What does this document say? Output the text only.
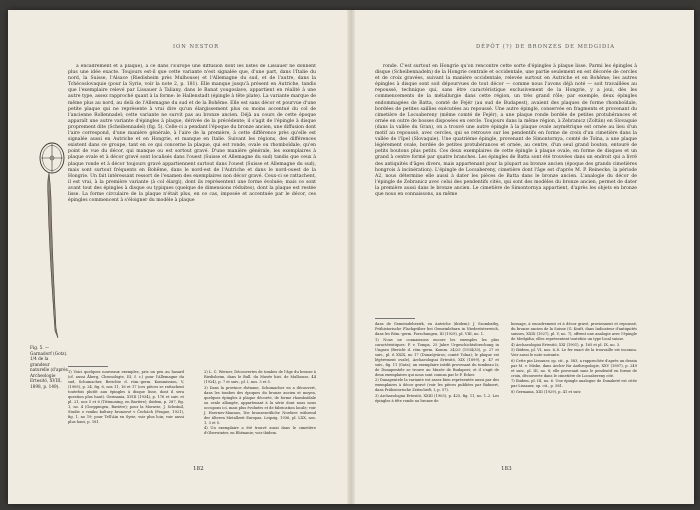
ION NESTOR

à encadrement et à plaque), à ce dans l'Europe une diffusion dont les listes de Lissauer ne donnent plus une idée exacte. Toujours est-il que cette variante n'est signalée que, d'une part, dans l'Italie du nord, la Suisse, l'Alsace (Riedisheim près Mulhouse) et l'Allemagne du sud, et de l'autre, dans la Tchécoslovaquie (pour la Syrie, voir la note 2, p. 181). Elle manque jusqu'à présent en Autriche, tandis que l'exemplaire relevé par Lissauer à Taliany, dans le Banat yougoslave, appartient en réalité à une autre type, assez rapproché quant à la forme: le Hallenstadt (épingle à tête plate). La variante marque de même plus au nord, au delà de l'Allemagne du sud et de la Bohême. Elle est sans décor et pourvue d'une petite plaque qui ne représente à vrai dire qu'un élargissement plus ou moins accentué du col de l'ancienne Rollennadel; cette variante ne survit pas au bronze ancien. Déjà au cours de cette époque apparaît une autre variante d'épingles à plaque, dérivée de la précédente; il s'agit de l'épingle à disque proprement dite (Scheibennadel) (fig. 5). Celle-ci a pendant l'époque du bronze ancien, une diffusion dont l'aire correspond, d'une manière générale, à l'aire de la première, à cette différence près qu'elle est signalée aussi en Autriche et en Hongrie, et manque en Italie. Suivant les régions, des différences existent dans ce groupe, tant en ce qui concerne la plaque, qui est ronde, ovale ou rhomboïdale, qu'en point de vue du décor, qui manque ou est sortout gravé. D'une manière générale, les exemplaires à plaque ovale et à décor gravé sont localisés dans l'ouest (Suisse et Allemagne du sud) tandis que ceux à plaque ronde et à décor toujours gravé appartiennent surtout dans l'ouest (Suisse et Allemagne du sud), mais sont surtout fréquents en Bohême, dans le nord-est de l'Autriche et dans le nord-ouest de la Hongrie. Un fait intéressant ressort de l'examen des exemplaires non décor gravé. Ceux-ci se rattachent, il est vrai, à la première variante (à col élargi), dont ils représentent une forme évoluée; mais ce sont avant tout des épingles à disque ou typiques (quelque de dimensions réduites), dont la plaque est restée lisse. La forme circulaire de la plaque n'était plus, en ce cas, imposée et accentuée par le décor, ces épingles commencent à s'éloigner du modèle à plaque

Fig. 5. — Garnadorf (Gotz). 1/4 de la grandeur naturelle (d'après Archeologie Ertesitö, XVIII, 1898, p. 149).

1) Voici quelques nouveaux exemples, pris un peu au hasard (cf. aussi Åberg, Chronologie, III, f. c.) pour l'Allemagne du sud, Schumacher, Berichte d. röm.-germ. Kommission, V, (1909), p. 24, fig. 6, nos 11, 16 et 17 (ces pièces se rattachent toutefois plutôt aux épingles à disque lisse, dont il sera question plus haut). Germania, XVIII (1934), p. 176 et suiv. et pl. 21, nos 5 et 6 (Tittmoning, en Bavière); ibidem, p. 287, fig. 1, no. 4 (Goeppingen, Bavière); pour la Moravie, J. Schránil, Studie o vzniku kultury bronzové v Čechách (Prague, 1921), fig. 1, no 19; pour Tell'Ain en Syrie, voir plus loin; voir aussi plus haut, p. 181.

2) L. C. Werner, Découvertes de tombes de l'âge du bronze à Riedisheim, dans le Bull. du Musée hist. de Mulhouse, 44 (1924), p. 7 et suiv., pl. I, nos. 3 et 5.

3) Dans la province rhénane, Schumacher en a découvert, dans les tombes des époques du bronze ancien et moyen, quelques épingles à plaque décorée, de forme rhomboïdale ou ovale allongée, appartenant à la série dont nous nous occupons ici, mais plus évoluées et de fabrication locale; voir J. Hoernes-Mannus, Die bronzezeitliche Nordsee während der älteren Metallzeit Europas, Leipzig, 1936, pl. LXX, nos. 1, 3 et 5.

4) Un exemplaire a été trouvé aussi dans le cimetière d'Oberwinter, en Rhénanie; voir ibidem.

182
DÉPÔT (?) DE BRONZES DE MEDGIDIA

ronde. C'est surtout en Hongrie qu'on rencontre cette sorte d'épingles à plaque lisse. Parmi les épingles à disque (Scheibennadeln) de la Hongrie centrale et occidentale, une partie seulement en est décorée de cercles et de croix gravées, suivant la manière occidentale, relevée surtout en Autriche et en Bohême; les autres épingles à disque sont soit dépourvues de tout décor — comme nous l'avons déjà noté — soit travaillées au repoussé, technique qui, sans être caractéristique exclusivement de la Hongrie, y a joui, dès les commencements de la métallurgie dans cette région, un très grand rôle; par exemple, deux épingles endommagées de Batta, comté de Fejér (au sud de Budapest), avaient des plaques de forme rhomboïdale, bordées de petites saillies exécutées au repoussé. Une autre épingle, conservée en fragments et provenant du cimetière de Locsabereny (même comté de Fejér), a une plaque ronde bordée de petites protubérances et ornée en outre de bosses disposées en cercle. Toujours dans la même région, à Zebranicz (Zoltán) en Slovaquie (dans la vallée du Gran), on a trouvé une autre épingle à la plaque ovale asymétrique est ornée au lieu d'un motif au repoussé, avec cercles, qui se retrouve sur les pendentifs en forme de croix d'un cimetière dans la vallée de l'Ipel (Slovaquie). Une quatrième épingle, provenant de Simontornya, comté de Tolna, a une plaque légèrement ovale, bordée de petites protubérances et ornée, au centre, d'un seul grand bouton, entouré de petits boutons plus petits. Ces deux exemplaires de cette épingle à plaque ovale, en forme de disques et un grand à centre formé par quatre branches. Les épingles de Batta sont été trouvées dans un endroit qui a livré des antiquités d'âges divers, mais appartenant pour la plupart au bronze ancien (époque des grands cimetières hongrois à incinération). L'épingle de Locsabereny, cimetière dont l'âge est d'après M. P. Reinecke, la période A2, nous détermine elle aussi à dater les pièces de Batta dans le bronze ancien. L'analogie du décor de l'épingle de Zebranicz avec celui des pendentifs cités, qui sont des modèles du bronze ancien, permet de dater la première aussi dans le bronze ancien. Le cimetière de Simontornya appartient, d'après les objets en bronze que nous en connaissons, au même

dans de Gemeindebezirk, en Autriche (ibidem): J. Szombathy, Prähistorische Flachgräber bei Gemeinlebarn in Niederösterreich, dans les Röm.-germ. Forschungen, III (1929), pl. VIII, no. 1.

1) Nous ne connaissons encore les exemples les plus caractéristiques: F. v. Tompa, 25 Jahre Urgeschichtsforschung in Ungarn (Bericht d. röm.-germ. Komm. 24/25 (1934/35), p. 27 et suiv., pl. 6 XXIX, no 17 (Dunaújváros; comté Tolna); le plaque est légèrement ovale), Archaeologiai Ertesitö, XIX (1899), p. 47 et suiv., fig. 11 (Gata); un exemplaire inédit provenant du tombeau Ir, de Dunapentele se trouve au Musée de Budapest; et il s'agit de deux exemplaires qui nous sont connus par le P. Ecker.

2) Dunapentele la variante est assez bien représentée aussi par des exemplaires à décor gravé (voir les pièces publiées par Bahnert, dans Prähistorische Zeitschrift, I, p. 57).

3) Archaeologiai Ertesitö, XXIII (1903), p. 425, fig. 11, no. 1–2. Les épingles à tête ronde au bronze de

bossage, à encadrement et à décor gravé, proviennent et repoussé, du bronze ancien de la Suisse (G. Kraft, dans Indicateur d'antiquités suisses, XXIX (1927), pl. V, no. 7), offrent une analogie avec l'épingle de Medgidia; elles représentent toutefois un type local suisse.

4) Archaeologiai Ertesitö, XXI (1901), p. 165 et pl. IX, no. 3.

5) Ibidem, pl. VI, nos. 6–8. Le fer exact de la trouvaille est inconnu. Voir aussi le note suivante.

6) Cette pin Lissauer, op. cit., p. 583, a rapprochée d'après un dessin par M. v. Miske, dans Archiv für Anthropologie, XXV (1897), p. 249 et suiv., pl. III, no. 8; elle provenait sans le pendentif en forme de croix, découverte dans le cimetière de Locsabereny cité.

7) Ibidem, pl. III, no. 6. Une épingle analogue de Dunaketé est citée par Lissauer, op. cit., p. 581.

8) Germania, XIII (1929), p. 41 et suiv.

183
